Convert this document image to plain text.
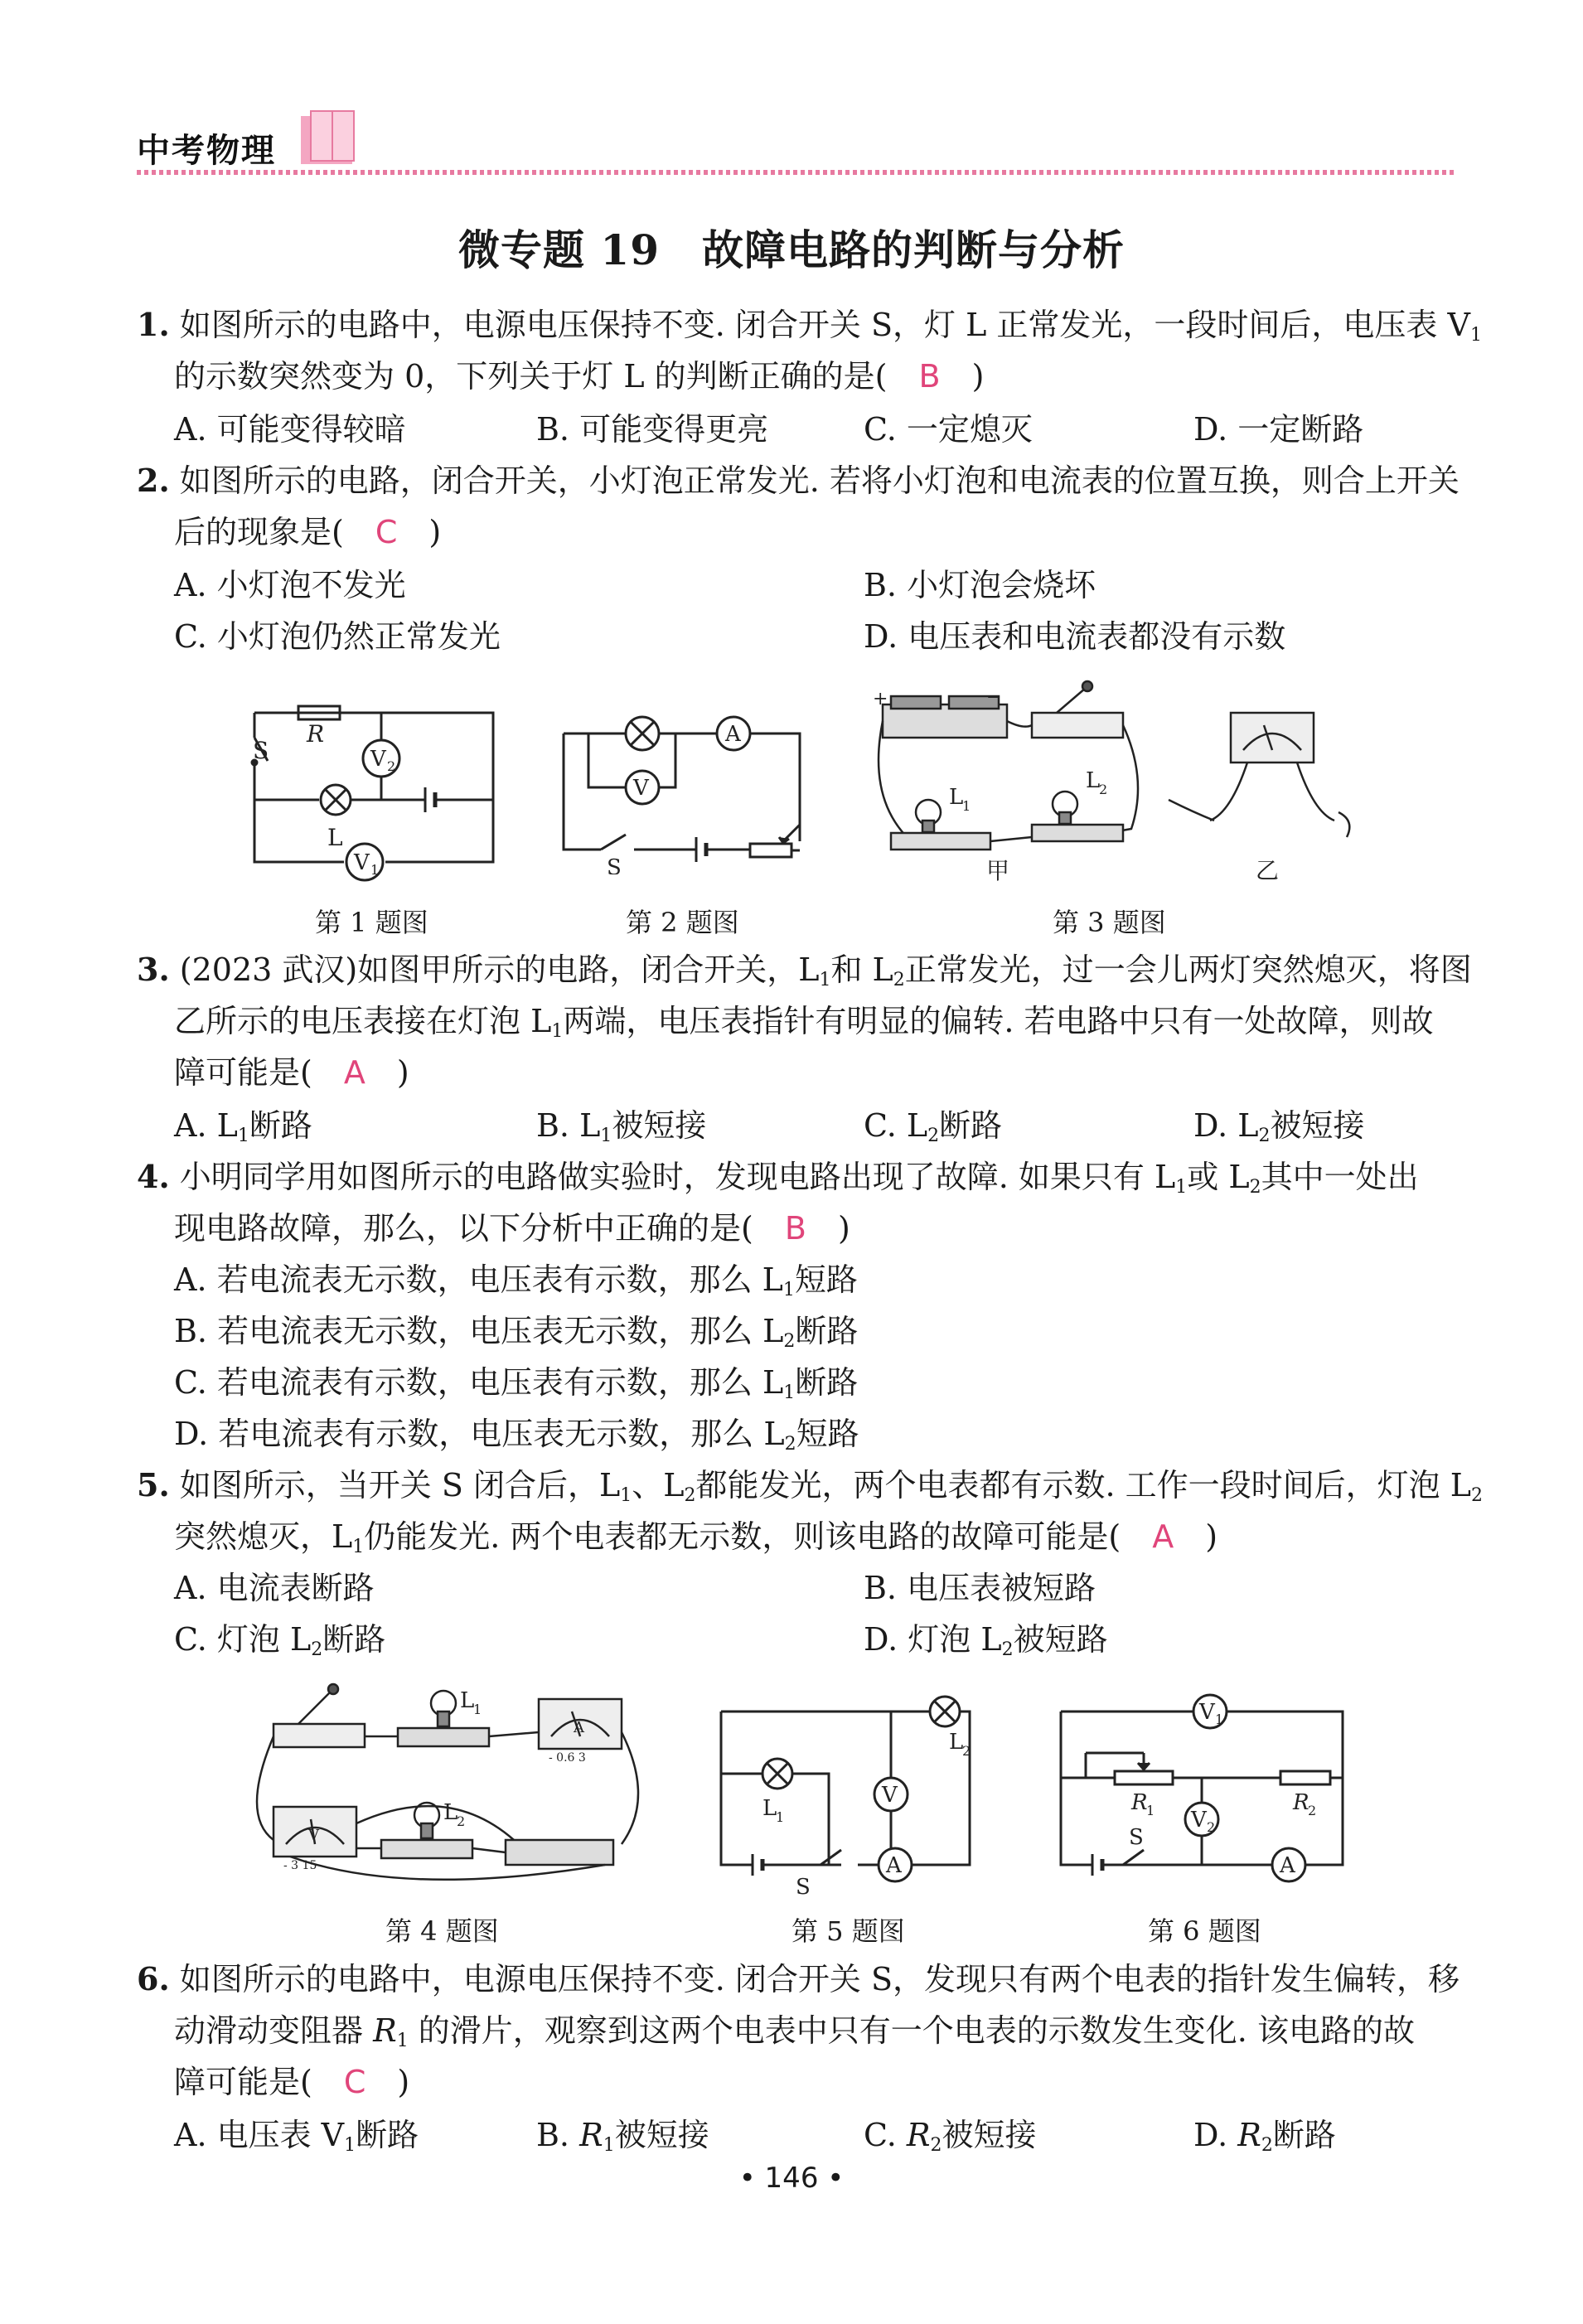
中考物理
微专题 19　故障电路的判断与分析
1. 如图所示的电路中，电源电压保持不变. 闭合开关 S，灯 L 正常发光，一段时间后，电压表 $V_1$
的示数突然变为 0，下列关于灯 L 的判断正确的是(　 B　 )
A. 可能变得较暗	B. 可能变得更亮	C. 一定熄灭	D. 一定断路
2. 如图所示的电路，闭合开关，小灯泡正常发光. 若将小灯泡和电流表的位置互换，则合上开关
后的现象是(　 C　 )
A. 小灯泡不发光	B. 小灯泡会烧坏
C. 小灯泡仍然正常发光	D. 电压表和电流表都没有示数
S
R
L
V 2
V 1
第 1 题图
V
A
S
第 2 题图
+	−
L
1
L
2
甲	乙
第 3 题图
3. (2023 武汉)如图甲所示的电路，闭合开关，$L_1$和 $L_2$正常发光，过一会儿两灯突然熄灭，将图
乙所示的电压表接在灯泡 $L_1$两端，电压表指针有明显的偏转. 若电路中只有一处故障，则故
障可能是(　 A　 )
A. $L_1$断路	B. $L_1$被短接	C. $L_2$断路	D. $L_2$被短接
4. 小明同学用如图所示的电路做实验时，发现电路出现了故障. 如果只有 $L_1$或 $L_2$其中一处出
现电路故障，那么，以下分析中正确的是(　 B　 )
A. 若电流表无示数，电压表有示数，那么 $L_1$短路
B. 若电流表无示数，电压表无示数，那么 $L_2$断路
C. 若电流表有示数，电压表有示数，那么 $L_1$断路
D. 若电流表有示数，电压表无示数，那么 $L_2$短路
5. 如图所示，当开关 S 闭合后，$L_1$、$L_2$都能发光，两个电表都有示数. 工作一段时间后，灯泡 $L_2$
突然熄灭，$L_1$仍能发光. 两个电表都无示数，则该电路的故障可能是(　 A　 )
A. 电流表断路	B. 电压表被短路
C. 灯泡 $L_2$断路	D. 灯泡 $L_2$被短路
L
1
L
2
A
- 0.6 3
V
- 3 15
第 4 题图
L
2
L
1
V
A
S
第 5 题图
V 1
V 2
R
1	R
2
S
A
第 6 题图
6. 如图所示的电路中，电源电压保持不变. 闭合开关 S，发现只有两个电表的指针发生偏转，移
动滑动变阻器 $R_1$ 的滑片，观察到这两个电表中只有一个电表的示数发生变化. 该电路的故
障可能是(　 C　 )
A. 电压表 $V_1$断路	B. $R_1$被短接	C. $R_2$被短接	D. $R_2$断路
• 146 •
